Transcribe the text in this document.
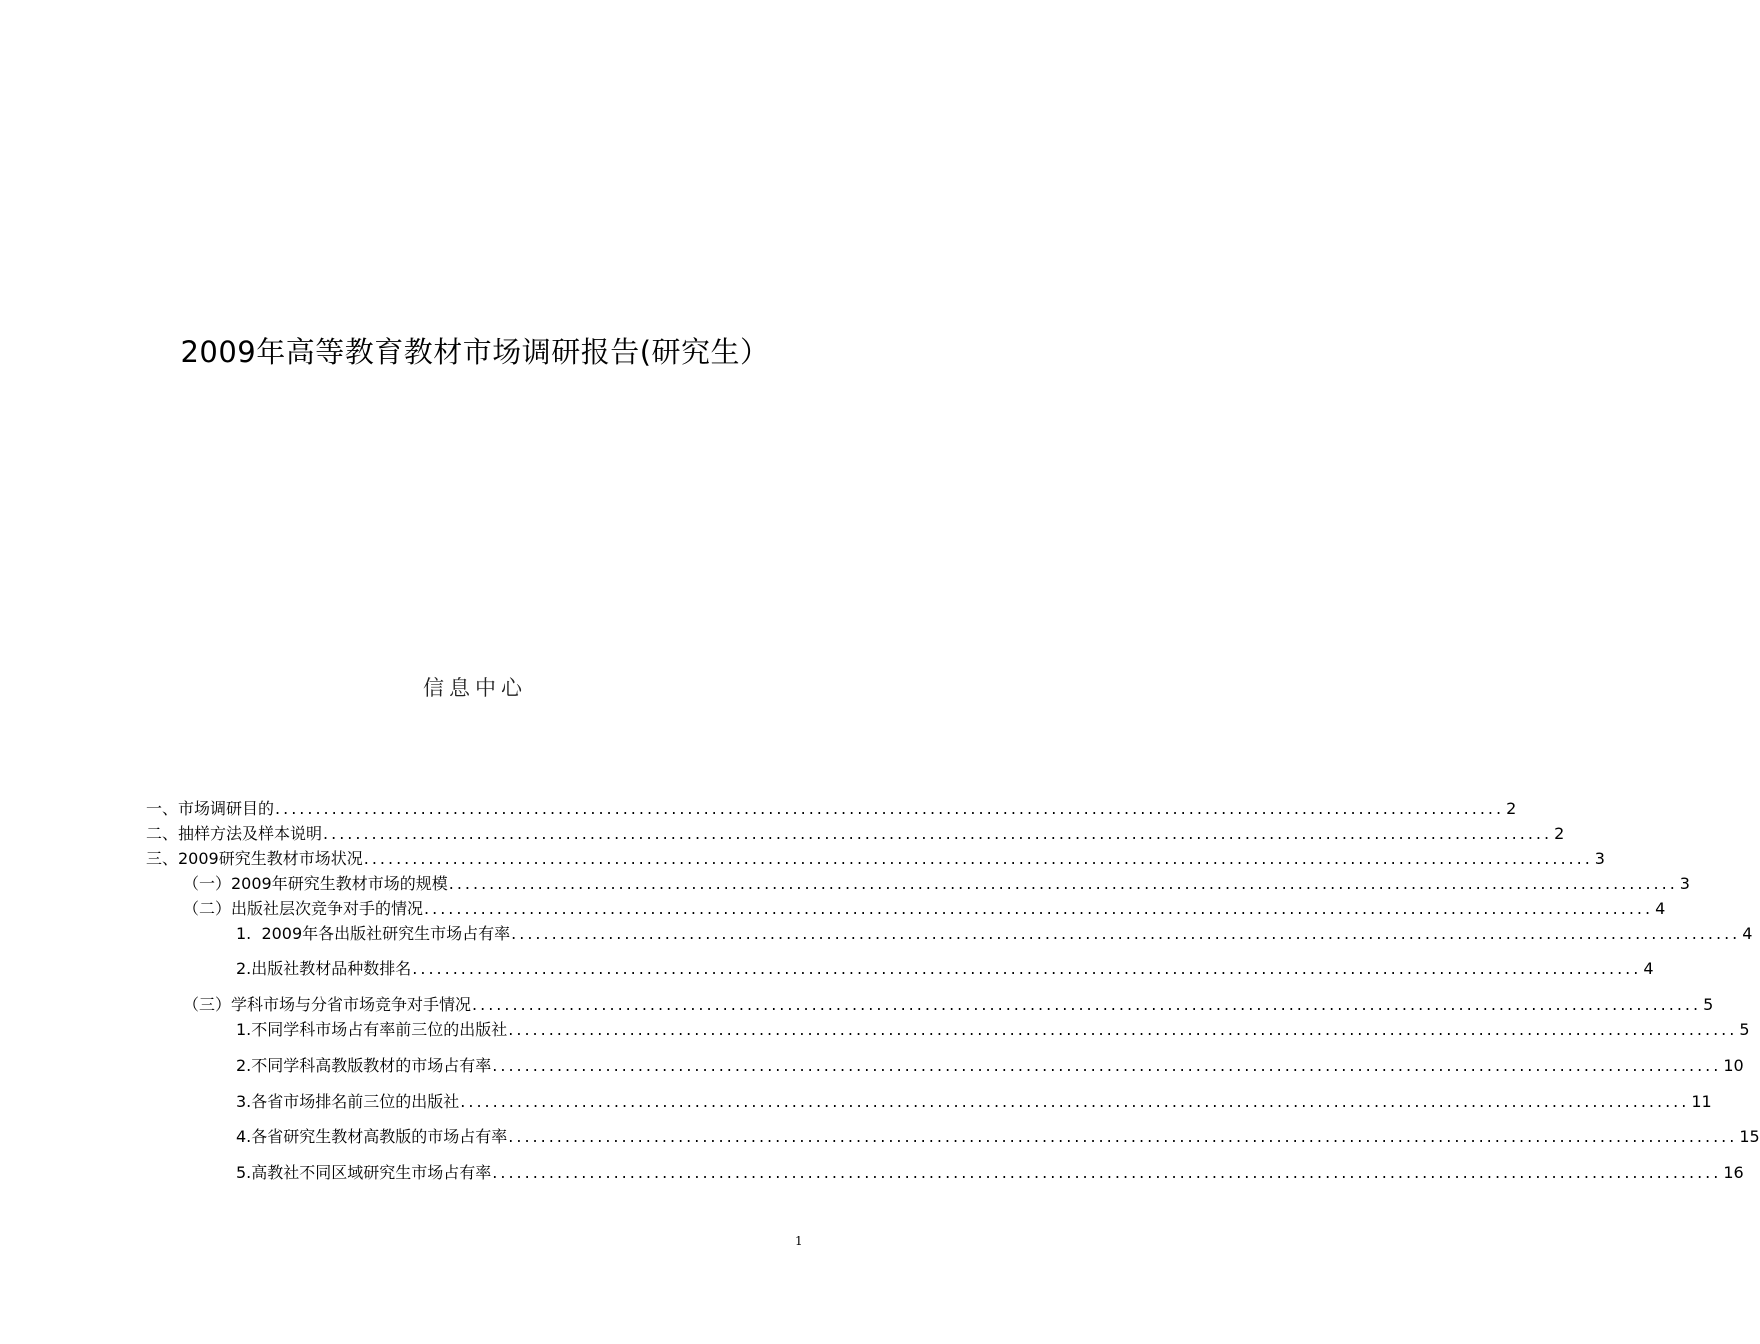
2009年高等教育教材市场调研报告(研究生）
信息中心
一、市场调研目的 ........................................................................................................................................................ 2
二、抽样方法及样本说明 ........................................................................................................................................................ 2
三、2009研究生教材市场状况 ........................................................................................................................................................ 3
（一）2009年研究生教材市场的规模 ........................................................................................................................................................ 3
（二）出版社层次竞争对手的情况 ........................................................................................................................................................ 4
1.  2009年各出版社研究生市场占有率 ........................................................................................................................................................ 4
2.出版社教材品种数排名 ........................................................................................................................................................ 4
（三）学科市场与分省市场竞争对手情况 ........................................................................................................................................................ 5
1.不同学科市场占有率前三位的出版社 ........................................................................................................................................................ 5
2.不同学科高教版教材的市场占有率 ........................................................................................................................................................ 10
3.各省市场排名前三位的出版社 ........................................................................................................................................................ 11
4.各省研究生教材高教版的市场占有率 ........................................................................................................................................................ 15
5.高教社不同区域研究生市场占有率 ........................................................................................................................................................ 16
1
